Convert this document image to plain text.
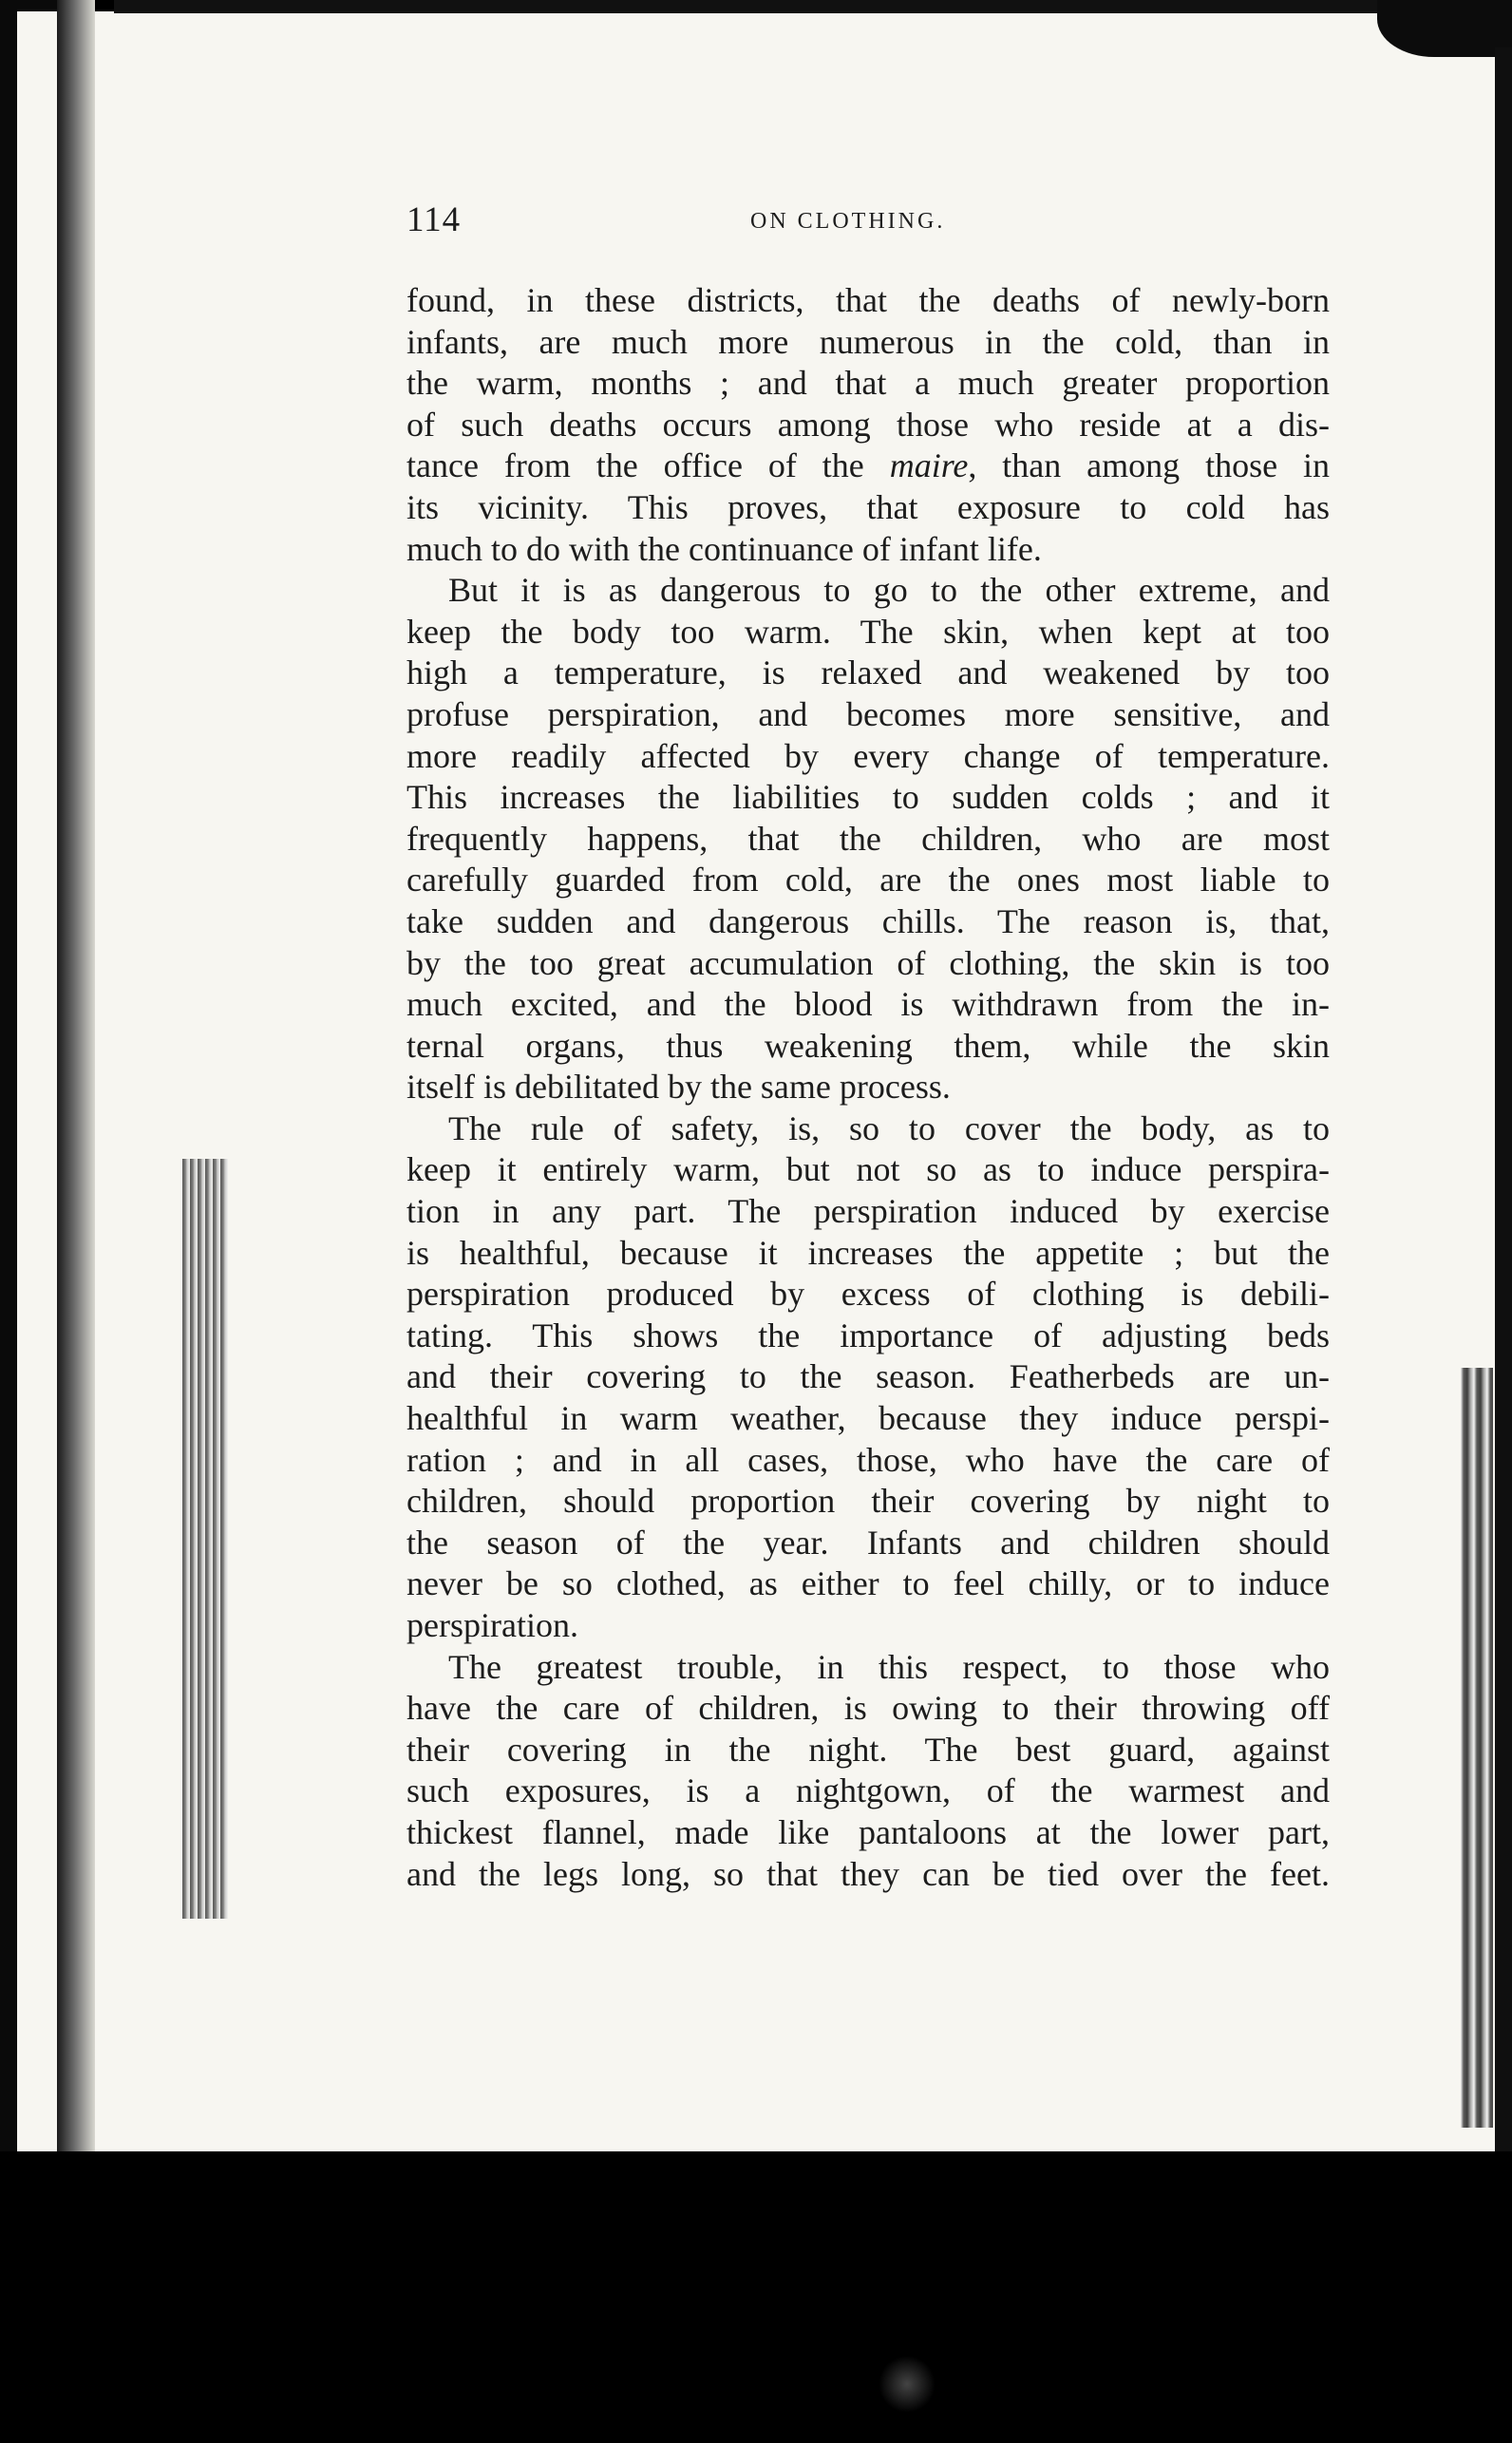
114	ON CLOTHING.
found, in these districts, that the deaths of newly-born
infants, are much more numerous in the cold, than in
the warm, months ; and that a much greater proportion
of such deaths occurs among those who reside at a dis-
tance from the office of the maire, than among those in
its vicinity. This proves, that exposure to cold has
much to do with the continuance of infant life.
But it is as dangerous to go to the other extreme, and
keep the body too warm. The skin, when kept at too
high a temperature, is relaxed and weakened by too
profuse perspiration, and becomes more sensitive, and
more readily affected by every change of temperature.
This increases the liabilities to sudden colds ; and it
frequently happens, that the children, who are most
carefully guarded from cold, are the ones most liable to
take sudden and dangerous chills. The reason is, that,
by the too great accumulation of clothing, the skin is too
much excited, and the blood is withdrawn from the in-
ternal organs, thus weakening them, while the skin
itself is debilitated by the same process.
The rule of safety, is, so to cover the body, as to
keep it entirely warm, but not so as to induce perspira-
tion in any part. The perspiration induced by exercise
is healthful, because it increases the appetite ; but the
perspiration produced by excess of clothing is debili-
tating. This shows the importance of adjusting beds
and their covering to the season. Featherbeds are un-
healthful in warm weather, because they induce perspi-
ration ; and in all cases, those, who have the care of
children, should proportion their covering by night to
the season of the year. Infants and children should
never be so clothed, as either to feel chilly, or to induce
perspiration.
The greatest trouble, in this respect, to those who
have the care of children, is owing to their throwing off
their covering in the night. The best guard, against
such exposures, is a nightgown, of the warmest and
thickest flannel, made like pantaloons at the lower part,
and the legs long, so that they can be tied over the feet.
